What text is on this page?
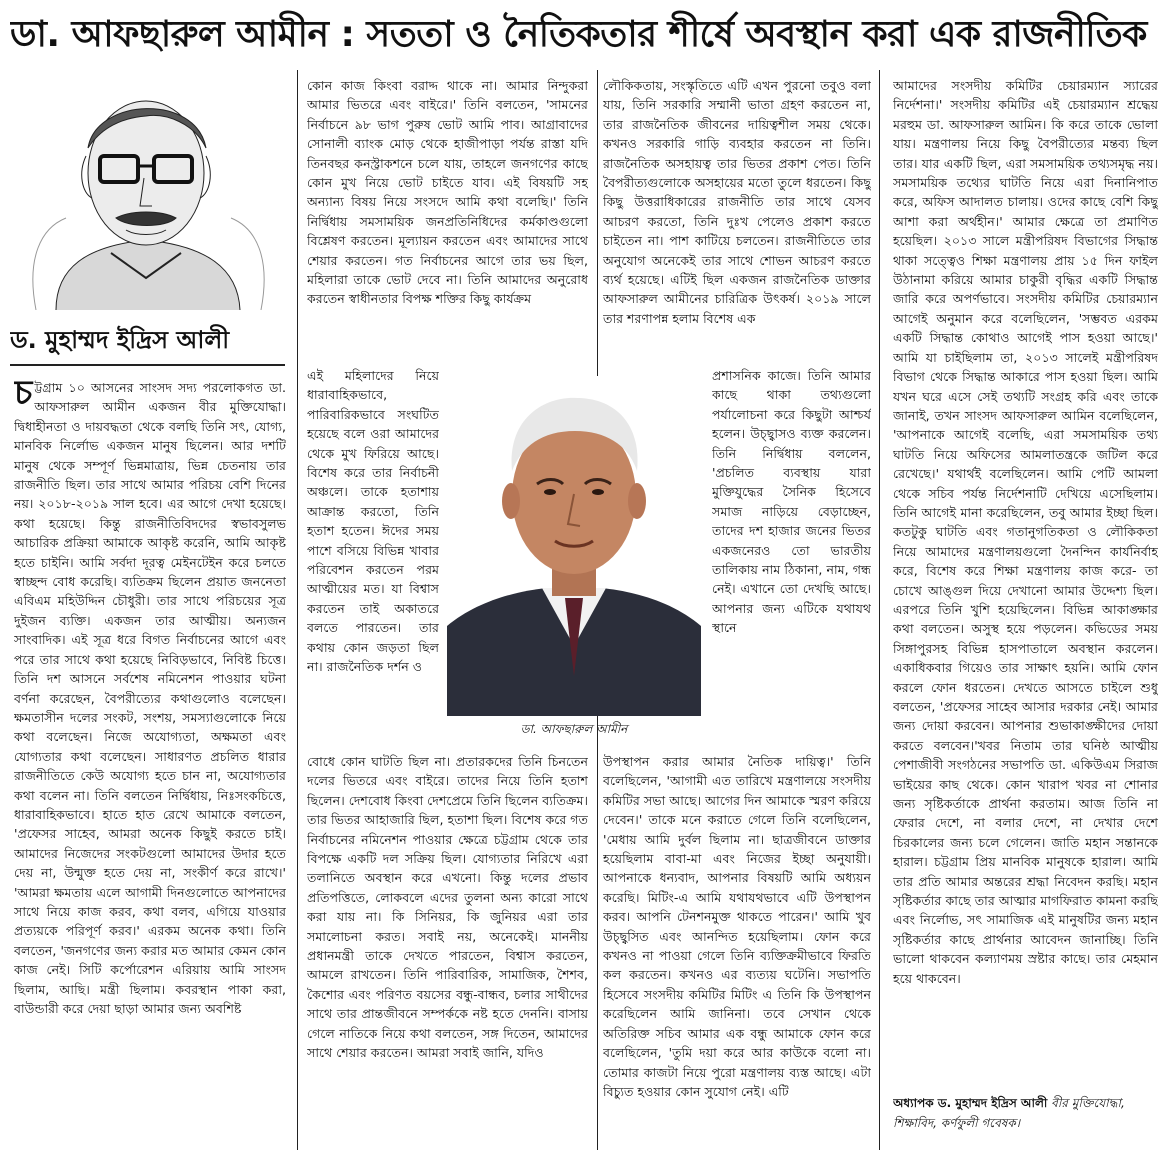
ডা. আফছারুল আমীন : সততা ও নৈতিকতার শীর্ষে অবস্থান করা এক রাজনীতিক
ড. মুহাম্মদ ইদ্রিস আলী

চট্টগ্রাম ১০ আসনের সাংসদ সদ্য পরলোকগত ডা. আফসারুল আমীন একজন বীর মুক্তিযোদ্ধা। দ্বিধাহীনতা ও দায়বদ্ধতা থেকে বলছি তিনি সৎ, যোগ্য, মানবিক নির্লোভ একজন মানুষ ছিলেন। আর দশটি মানুষ থেকে সম্পূর্ণ ভিন্নমাত্রায়, ভিন্ন চেতনায় তার রাজনীতি ছিল। তার সাথে আমার পরিচয় বেশি দিনের নয়। ২০১৮-২০১৯ সাল হবে। এর আগে দেখা হয়েছে। কথা হয়েছে। কিন্তু রাজনীতিবিদদের স্বভাবসুলভ আচারিক প্রক্রিয়া আমাকে আকৃষ্ট করেনি, আমি আকৃষ্ট হতে চাইনি। আমি সর্বদা দূরত্ব মেইনটেইন করে চলতে স্বাচ্ছন্দ বোধ করেছি। ব্যতিক্রম ছিলেন প্রয়াত জননেতা এবিএম মহিউদ্দিন চৌধুরী। তার সাথে পরিচয়ের সূত্র দুইজন ব্যক্তি। একজন তার আত্মীয়। অন্যজন সাংবাদিক। এই সূত্র ধরে বিগত নির্বাচনের আগে এবং পরে তার সাথে কথা হয়েছে নিবিড়ভাবে, নিবিষ্ট চিত্তে। তিনি দশ আসনে সর্বশেষ নমিনেশন পাওয়ার ঘটনা বর্ণনা করেছেন, বৈপরীত্যের কথাগুলোও বলেছেন। ক্ষমতাসীন দলের সংকট, সংশয়, সমস্যাগুলোকে নিয়ে কথা বলেছেন। নিজে অযোগ্যতা, অক্ষমতা এবং যোগ্যতার কথা বলেছেন। সাধারণত প্রচলিত ধারার রাজনীতিতে কেউ অযোগ্য হতে চান না, অযোগ্যতার কথা বলেন না। তিনি বলতেন নির্দ্বিধায়, নিঃসংকচিত্তে, ধারাবাহিকভাবে। হাতে হাত রেখে আমাকে বলতেন, 'প্রফেসর সাহেব, আমরা অনেক কিছুই করতে চাই। আমাদের নিজেদের সংকটগুলো আমাদের উদার হতে দেয় না, উন্মুক্ত হতে দেয় না, সংকীর্ণ করে রাখে।' 'আমরা ক্ষমতায় এলে আগামী দিনগুলোতে আপনাদের সাথে নিয়ে কাজ করব, কথা বলব, এগিয়ে যাওয়ার প্রত্যয়কে পরিপূর্ণ করব।' এরকম অনেক কথা। তিনি বলতেন, 'জনগণের জন্য করার মত আমার কেমন কোন কাজ নেই। সিটি কর্পোরেশন এরিয়ায় আমি সাংসদ ছিলাম, আছি। মন্ত্রী ছিলাম। কবরস্থান পাকা করা, বাউন্ডারী করে দেয়া ছাড়া আমার জন্য অবশিষ্ট

কোন কাজ কিংবা বরাদ্দ থাকে না। আমার নিন্দুকরা আমার ভিতরে এবং বাইরে।' তিনি বলতেন, 'সামনের নির্বাচনে ৯৮ ভাগ পুরুষ ভোট আমি পাব। আগ্রাবাদের সোনালী ব্যাংক মোড় থেকে হাজীপাড়া পর্যন্ত রাস্তা যদি তিনবছর কনস্ট্রাকশনে চলে যায়, তাহলে জনগণের কাছে কোন মুখ নিয়ে ভোট চাইতে যাব। এই বিষয়টি সহ অন্যান্য বিষয় নিয়ে সংসদে আমি কথা বলেছি।' তিনি নির্দ্বিধায় সমসাময়িক জনপ্রতিনিধিদের কর্মকাণ্ডগুলো বিশ্লেষণ করতেন। মূল্যায়ন করতেন এবং আমাদের সাথে শেয়ার করতেন। গত নির্বাচনের আগে তার ভয় ছিল, মহিলারা তাকে ভোট দেবে না। তিনি আমাদের অনুরোধ করতেন স্বাধীনতার বিপক্ষ শক্তির কিছু কার্যক্রম

এই মহিলাদের নিয়ে ধারাবাহিকভাবে, পারিবারিকভাবে সংঘটিত হয়েছে বলে ওরা আমাদের থেকে মুখ ফিরিয়ে আছে। বিশেষ করে তার নির্বাচনী অঞ্চলে। তাকে হতাশায় আক্রান্ত করতো, তিনি হতাশ হতেন। ঈদের সময় পাশে বসিয়ে বিভিন্ন খাবার পরিবেশন করতেন পরম আত্মীয়ের মত। যা বিশ্বাস করতেন তাই অকাতরে বলতে পারতেন। তার কথায় কোন জড়তা ছিল না। রাজনৈতিক দর্শন ও

বোধে কোন ঘাটতি ছিল না। প্রতারকদের তিনি চিনতেন দলের ভিতরে এবং বাইরে। তাদের নিয়ে তিনি হতাশ ছিলেন। দেশবোধ কিংবা দেশপ্রেমে তিনি ছিলেন ব্যতিক্রম। তার ভিতর আহাজারি ছিল, হতাশা ছিল। বিশেষ করে গত নির্বাচনের নমিনেশন পাওয়ার ক্ষেত্রে চট্টগ্রাম থেকে তার বিপক্ষে একটি দল সক্রিয় ছিল। যোগ্যতার নিরিখে এরা তলানিতে অবস্থান করে এখনো। কিন্তু দলের প্রভাব প্রতিপত্তিতে, লোকবলে এদের তুলনা অন্য কারো সাথে করা যায় না। কি সিনিয়র, কি জুনিয়র এরা তার সমালোচনা করত। সবাই নয়, অনেকেই। মাননীয় প্রধানমন্ত্রী তাকে দেখতে পারতেন, বিশ্বাস করতেন, আমলে রাখতেন। তিনি পারিবারিক, সামাজিক, শৈশব, কৈশোর এবং পরিণত বয়সের বন্ধু-বান্ধব, চলার সাথীদের সাথে তার প্রান্তজীবনে সম্পর্ককে নষ্ট হতে দেননি। বাসায় গেলে নাতিকে নিয়ে কথা বলতেন, সঙ্গ দিতেন, আমাদের সাথে শেয়ার করতেন। আমরা সবাই জানি, যদিও

লৌকিকতায়, সংস্কৃতিতে এটি এখন পুরনো তবুও বলা যায়, তিনি সরকারি সম্মানী ভাতা গ্রহণ করতেন না, তার রাজনৈতিক জীবনের দায়িত্বশীল সময় থেকে। কখনও সরকারি গাড়ি ব্যবহার করতেন না তিনি। রাজনৈতিক অসহায়ত্ব তার ভিতর প্রকাশ পেত। তিনি বৈপরীত্যগুলোকে অসহায়ের মতো তুলে ধরতেন। কিছু কিছু উত্তরাধিকারের রাজনীতি তার সাথে যেসব আচরণ করতো, তিনি দুঃখ পেলেও প্রকাশ করতে চাইতেন না। পাশ কাটিয়ে চলতেন। রাজনীতিতে তার অনুযোগ অনেকেই তার সাথে শোভন আচরণ করতে ব্যর্থ হয়েছে। এটিই ছিল একজন রাজনৈতিক ডাক্তার আফসারুল আমীনের চারিত্রিক উৎকর্ষ। ২০১৯ সালে তার শরণাপন্ন হলাম বিশেষ এক

প্রশাসনিক কাজে। তিনি আমার কাছে থাকা তথ্যগুলো পর্যালোচনা করে কিছুটা আশ্চর্য হলেন। উচ্ছ্বাসও ব্যক্ত করলেন। তিনি নির্দ্বিধায় বললেন, 'প্রচলিত ব্যবস্থায় যারা মুক্তিযুদ্ধের সৈনিক হিসেবে সমাজ নাড়িয়ে বেড়াচ্ছেন, তাদের দশ হাজার জনের ভিতর একজনেরও তো ভারতীয় তালিকায় নাম ঠিকানা, নাম, গন্ধ নেই। এখানে তো দেখছি আছে। আপনার জন্য এটিকে যথাযথ স্থানে

উপস্থাপন করার আমার নৈতিক দায়িত্ব।' তিনি বলেছিলেন, 'আগামী এত তারিখে মন্ত্রণালয়ে সংসদীয় কমিটির সভা আছে। আগের দিন আমাকে স্মরণ করিয়ে দেবেন।' তাকে মনে করাতে গেলে তিনি বলেছিলেন, 'মেধায় আমি দুর্বল ছিলাম না। ছাত্রজীবনে ডাক্তার হয়েছিলাম বাবা-মা এবং নিজের ইচ্ছা অনুযায়ী। আপনাকে ধন্যবাদ, আপনার বিষয়টি আমি অধ্যয়ন করেছি। মিটিং-এ আমি যথাযথভাবে এটি উপস্থাপন করব। আপনি টেনশনমুক্ত থাকতে পারেন।' আমি খুব উচ্ছ্বসিত এবং আনন্দিত হয়েছিলাম। ফোন করে কখনও না পাওয়া গেলে তিনি ব্যক্তিক্রমীভাবে ফিরতি কল করতেন। কখনও এর ব্যত্যয় ঘটেনি। সভাপতি হিসেবে সংসদীয় কমিটির মিটিং এ তিনি কি উপস্থাপন করেছিলেন আমি জানিনা। তবে সেখান থেকে অতিরিক্ত সচিব আমার এক বন্ধু আমাকে ফোন করে বলেছিলেন, 'তুমি দয়া করে আর কাউকে বলো না। তোমার কাজটা নিয়ে পুরো মন্ত্রণালয় ব্যস্ত আছে। এটা বিচ্যুত হওয়ার কোন সুযোগ নেই। এটি

আমাদের সংসদীয় কমিটির চেয়ারম্যান স্যারের নির্দেশনা।' সংসদীয় কমিটির এই চেয়ারম্যান শ্রদ্ধেয় মরহুম ডা. আফসারুল আমিন। কি করে তাকে ভোলা যায়। মন্ত্রণালয় নিয়ে কিছু বৈপরীত্যের মন্তব্য ছিল তার। যার একটি ছিল, এরা সমসাময়িক তথ্যসমৃদ্ধ নয়। সমসাময়িক তথ্যের ঘাটতি নিয়ে এরা দিনানিপাত করে, অফিস আদালত চালায়। ওদের কাছে বেশি কিছু আশা করা অর্থহীন।' আমার ক্ষেত্রে তা প্রমাণিত হয়েছিল। ২০১৩ সালে মন্ত্রীপরিষদ বিভাগের সিদ্ধান্ত থাকা সত্ত্বেও শিক্ষা মন্ত্রণালয় প্রায় ১৫ দিন ফাইল উঠানামা করিয়ে আমার চাকুরী বৃদ্ধির একটি সিদ্ধান্ত জারি করে অপর্ণভাবে। সংসদীয় কমিটির চেয়ারম্যান আগেই অনুমান করে বলেছিলেন, 'সম্ভবত এরকম একটি সিদ্ধান্ত কোথাও আগেই পাস হওয়া আছে।' আমি যা চাইছিলাম তা, ২০১৩ সালেই মন্ত্রীপরিষদ বিভাগ থেকে সিদ্ধান্ত আকারে পাস হওয়া ছিল। আমি যখন ঘরে এসে সেই তথ্যটি সংগ্রহ করি এবং তাকে জানাই, তখন সাংসদ আফসারুল আমিন বলেছিলেন, 'আপনাকে আগেই বলেছি, এরা সমসাময়িক তথ্য ঘাটতি নিয়ে অফিসের আমলাতন্ত্রকে জটিল করে রেখেছে।' যথার্থই বলেছিলেন। আমি পেটি আমলা থেকে সচিব পর্যন্ত নির্দেশনাটি দেখিয়ে এসেছিলাম। তিনি আগেই মানা করেছিলেন, তবু আমার ইচ্ছা ছিল। কতটুকু ঘাটতি এবং গতানুগতিকতা ও লৌকিকতা নিয়ে আমাদের মন্ত্রণালয়গুলো দৈনন্দিন কার্যনির্বাহ করে, বিশেষ করে শিক্ষা মন্ত্রণালয় কাজ করে- তা চোখে আঙ্গুল দিয়ে দেখানো আমার উদ্দেশ্য ছিল। এরপরে তিনি খুশি হয়েছিলেন। বিভিন্ন আকাঙ্ক্ষার কথা বলতেন। অসুস্থ হয়ে পড়লেন। কভিডের সময় সিঙ্গাপুরসহ বিভিন্ন হাসপাতালে অবস্থান করলেন। একাধিকবার গিয়েও তার সাক্ষাৎ হয়নি। আমি ফোন করলে ফোন ধরতেন। দেখতে আসতে চাইলে শুধু বলতেন, 'প্রফেসর সাহেব আসার দরকার নেই। আমার জন্য দোয়া করবেন। আপনার শুভাকাঙ্ক্ষীদের দোয়া করতে বলবেন।'খবর নিতাম তার ঘনিষ্ঠ আত্মীয় পেশাজীবী সংগঠনের সভাপতি ডা. একিউএম সিরাজ ভাইয়ের কাছ থেকে। কোন খারাপ খবর না শোনার জন্য সৃষ্টিকর্তাকে প্রার্থনা করতাম। আজ তিনি না ফেরার দেশে, না বলার দেশে, না দেখার দেশে চিরকালের জন্য চলে গেলেন। জাতি মহান সন্তানকে হারাল। চট্টগ্রাম প্রিয় মানবিক মানুষকে হারাল। আমি তার প্রতি আমার অন্তরের শ্রদ্ধা নিবেদন করছি। মহান সৃষ্টিকর্তার কাছে তার আত্মার মাগফিরাত কামনা করছি এবং নির্লোভ, সৎ সামাজিক এই মানুষটির জন্য মহান সৃষ্টিকর্তার কাছে প্রার্থনার আবেদন জানাচ্ছি। তিনি ভালো থাকবেন কল্যাণময় স্রষ্টার কাছে। তার মেহমান হয়ে থাকবেন।

ডা. আফছারুল আমীন
অধ্যাপক ড. মুহাম্মদ ইদ্রিস আলী বীর মুক্তিযোদ্ধা, শিক্ষাবিদ, কর্ণফুলী গবেষক।
